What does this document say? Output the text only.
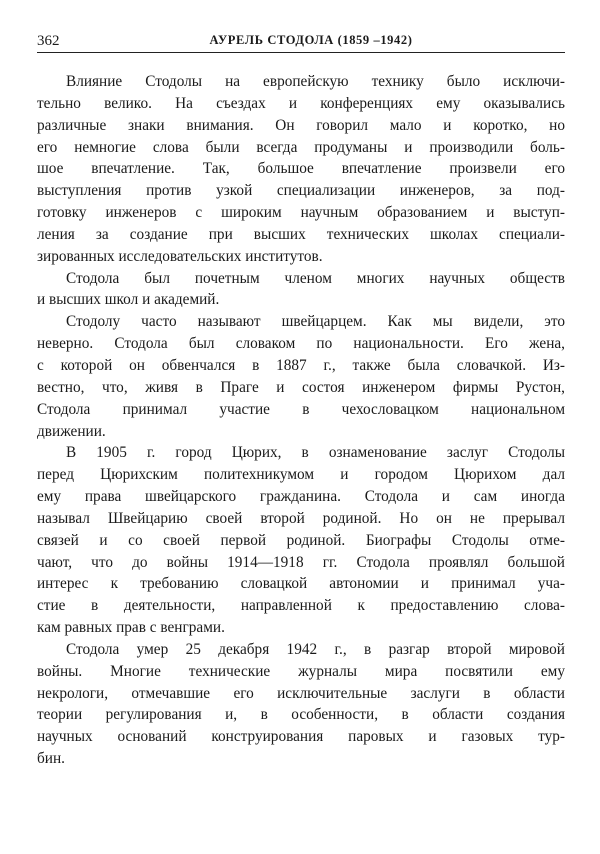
362	АУРЕЛЬ СТОДОЛА (1859 –1942)
Влияние Стодолы на европейскую технику было исключи-
тельно велико. На съездах и конференциях ему оказывались
различные знаки внимания. Он говорил мало и коротко, но
его немногие слова были всегда продуманы и производили боль-
шое впечатление. Так, большое впечатление произвели его
выступления против узкой специализации инженеров, за под-
готовку инженеров с широким научным образованием и выступ-
ления за создание при высших технических школах специали-
зированных исследовательских институтов.
Стодола был почетным членом многих научных обществ
и высших школ и академий.
Стодолу часто называют швейцарцем. Как мы видели, это
неверно. Стодола был словаком по национальности. Его жена,
с которой он обвенчался в 1887 г., также была словачкой. Из-
вестно, что, живя в Праге и состоя инженером фирмы Рустон,
Стодола принимал участие в чехословацком национальном
движении.
В 1905 г. город Цюрих, в ознаменование заслуг Стодолы
перед Цюрихским политехникумом и городом Цюрихом дал
ему права швейцарского гражданина. Стодола и сам иногда
называл Швейцарию своей второй родиной. Но он не прерывал
связей и со своей первой родиной. Биографы Стодолы отме-
чают, что до войны 1914—1918 гг. Стодола проявлял большой
интерес к требованию словацкой автономии и принимал уча-
стие в деятельности, направленной к предоставлению слова-
кам равных прав с венграми.
Стодола умер 25 декабря 1942 г., в разгар второй мировой
войны. Многие технические журналы мира посвятили ему
некрологи, отмечавшие его исключительные заслуги в области
теории регулирования и, в особенности, в области создания
научных оснований конструирования паровых и газовых тур-
бин.
